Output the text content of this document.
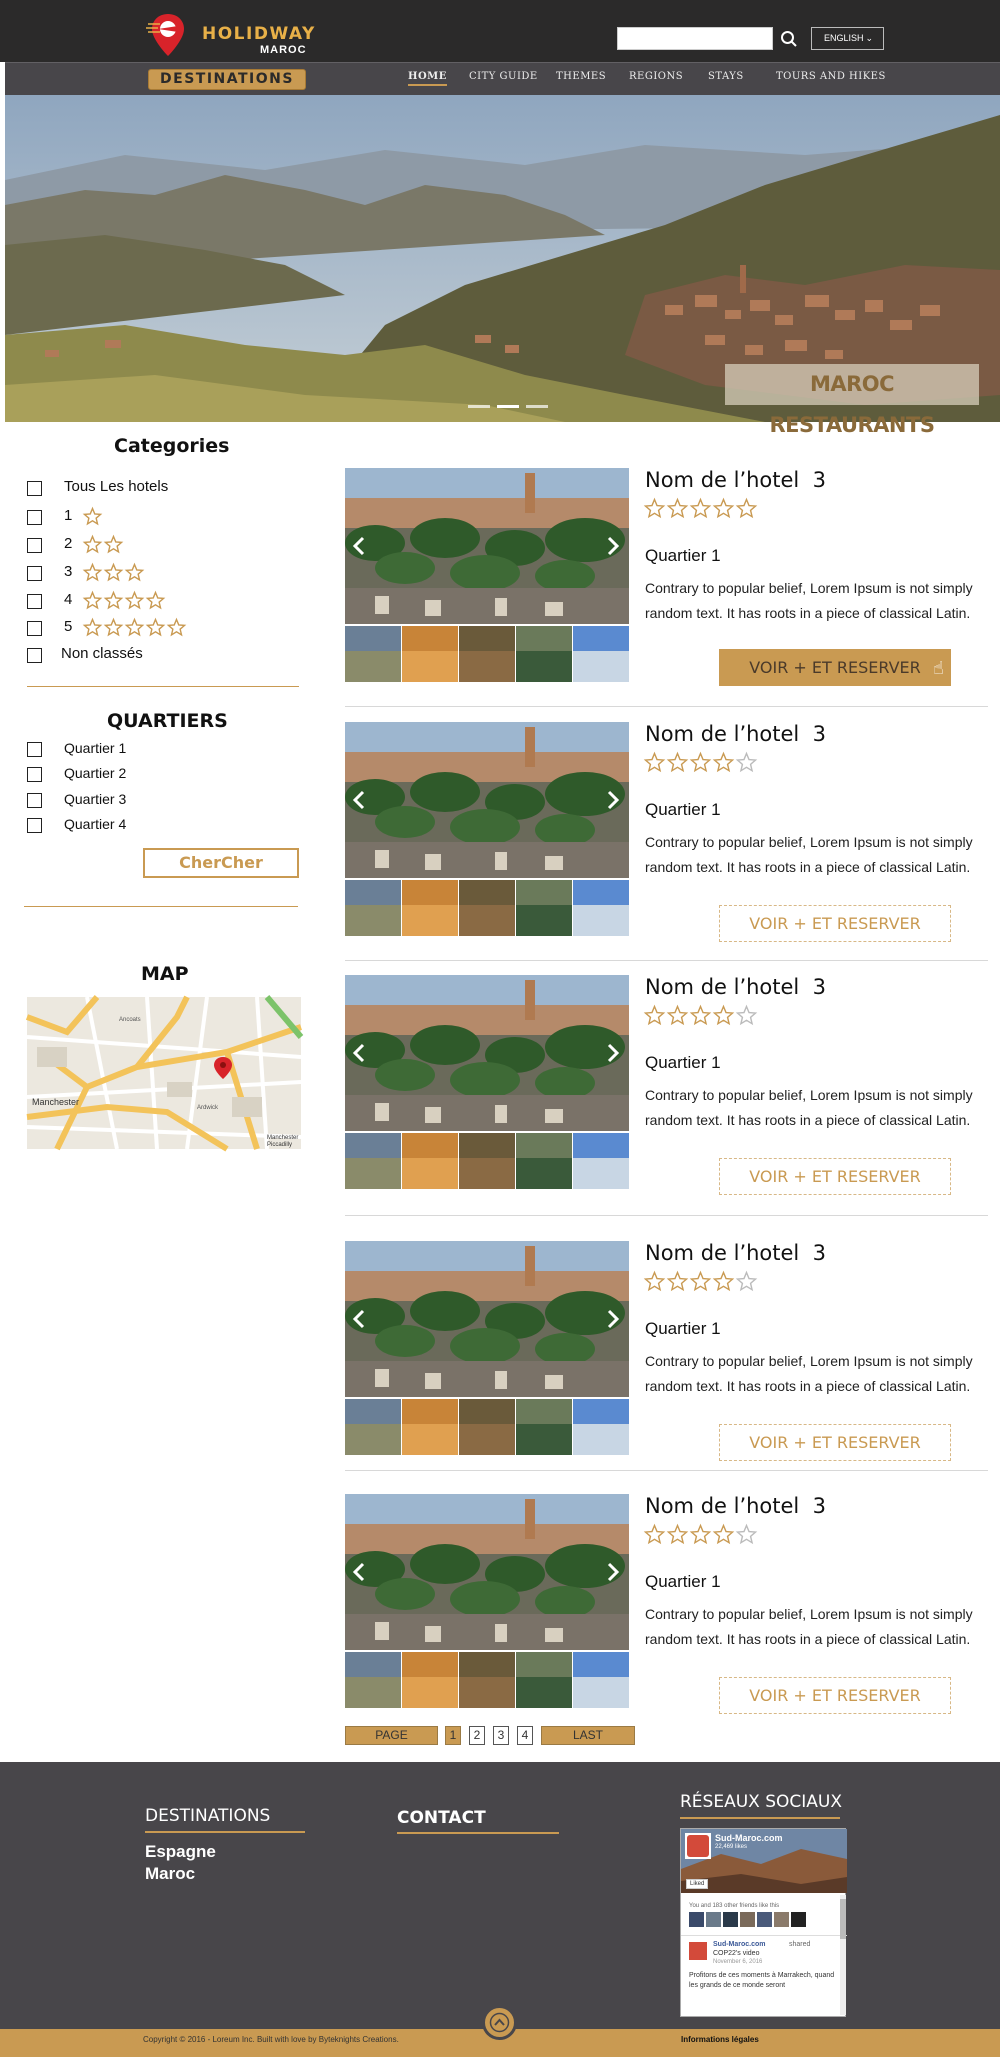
HOLIDWAY
MAROC
ENGLISH ⌄
DESTINATIONS	HOME CITY GUIDE THEMES REGIONS STAYS	TOURS AND HIKES
MAROC RESTAURANTS
Categories
Tous Les hotels
1
2
3
4
5
Non classés
QUARTIERS
Quartier 1
Quartier 2
Quartier 3
Quartier 4
CherCher
MAP
Manchester
Manchester Piccadilly
Ancoats
Ardwick
Nom de l’hotel  3
Quartier 1
Contrary to popular belief, Lorem Ipsum is not simply random text. It has roots in a piece of classical Latin.
VOIR + ET RESERVER ☝
Nom de l’hotel  3
Quartier 1
Contrary to popular belief, Lorem Ipsum is not simply random text. It has roots in a piece of classical Latin.
VOIR + ET RESERVER
Nom de l’hotel  3
Quartier 1
Contrary to popular belief, Lorem Ipsum is not simply random text. It has roots in a piece of classical Latin.
VOIR + ET RESERVER
Nom de l’hotel  3
Quartier 1
Contrary to popular belief, Lorem Ipsum is not simply random text. It has roots in a piece of classical Latin.
VOIR + ET RESERVER
Nom de l’hotel  3
Quartier 1
Contrary to popular belief, Lorem Ipsum is not simply random text. It has roots in a piece of classical Latin.
VOIR + ET RESERVER
PAGE	1	2	3	4	LAST
DESTINATIONS
Espagne
Maroc
CONTACT
RÉSEAUX SOCIAUX
Sud-Maroc.com
22,469 likes
Liked
You and 183 other friends like this
Sud-Maroc.com	shared
COP22's video
November 6, 2016
Profitons de ces moments à Marrakech, quand les grands de ce monde seront
Copyright © 2016 - Loreum Inc. Built with love by Byteknights Creations.	Informations légales
